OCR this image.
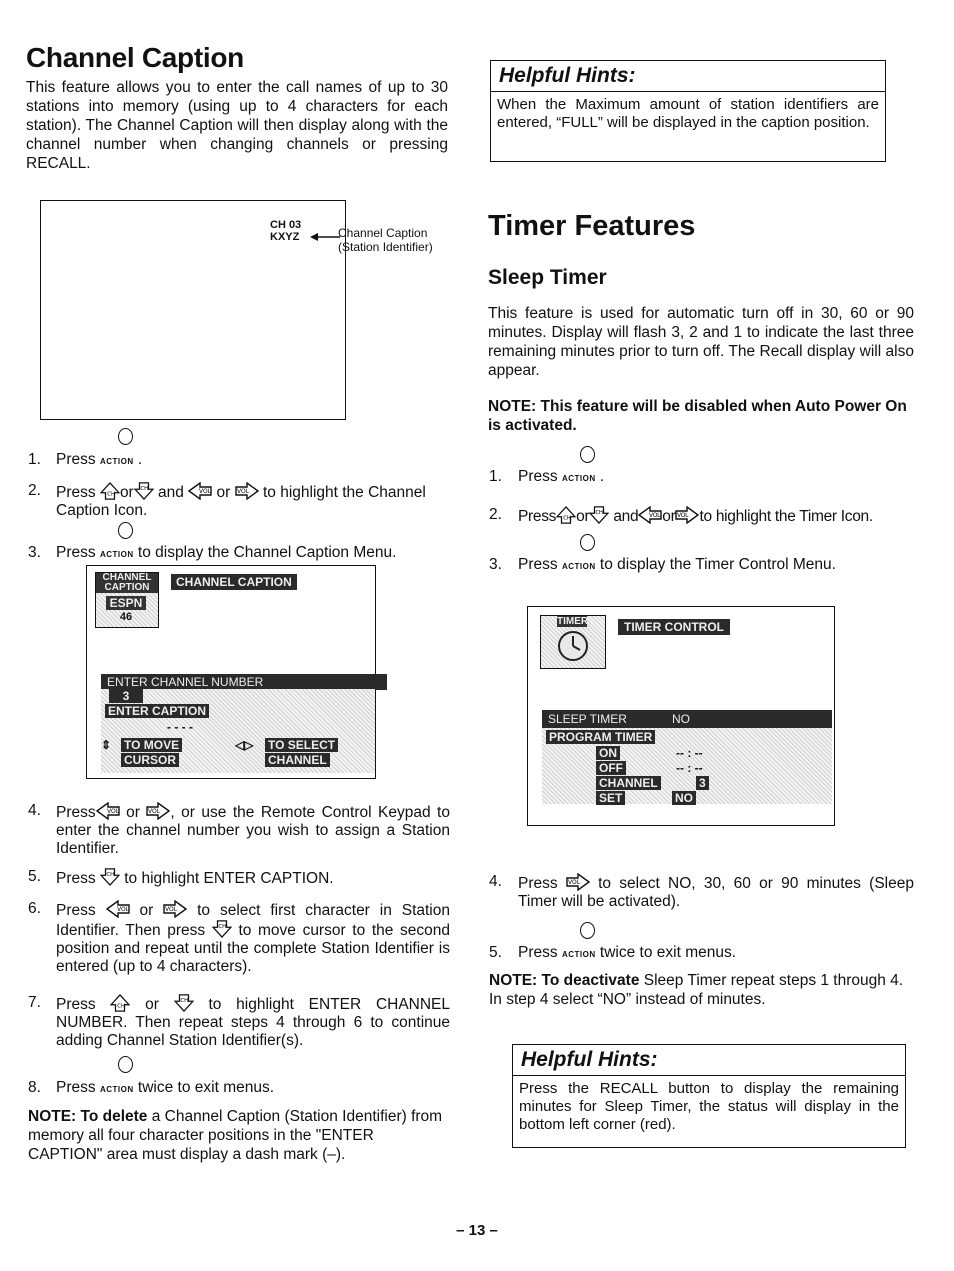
Channel Caption

This feature allows you to enter the call names of up to 30 stations into memory (using up to 4 characters for each station). The Channel Caption will then display along with the channel number when changing channels or pressing RECALL.

CH 03
KXYZ	Channel Caption
(Station Identifier)
1. Press ACTION .
2. Press or and or to highlight the Channel Caption Icon.
3. Press ACTION to display the Channel Caption Menu.
CHANNEL
CAPTION
ESPN
46
CHANNEL CAPTION
ENTER CHANNEL NUMBER
3
ENTER CAPTION
- - - -
⇕ TO MOVE
CURSOR
◁▷ TO SELECT
CHANNEL
4. Press or , or use the Remote Control Keypad to enter the channel number you wish to assign a Station Identifier.
5. Press to highlight ENTER CAPTION.
6. Press	or	to select first character in Station Identifier. Then press to move cursor to the second position and repeat until the complete Station Identifier is entered (up to 4 characters).
7. Press	or	to highlight ENTER CHANNEL NUMBER. Then repeat steps 4 through 6 to continue adding Channel Station Identifier(s).
8. Press ACTION twice to exit menus.
NOTE: To delete a Channel Caption (Station Identifier) from memory all four character positions in the "ENTER CAPTION" area must display a dash mark (–).
Helpful Hints:
When the Maximum amount of station identifiers are entered, “FULL” will be displayed in the caption position.
Timer Features
Sleep Timer

This feature is used for automatic turn off in 30, 60 or 90 minutes. Display will flash 3, 2 and 1 to indicate the last three remaining minutes prior to turn off. The Recall display will also appear.

NOTE: This feature will be disabled when Auto Power On is activated.

1. Press ACTION .
2. Press or and or to highlight the Timer Icon.
3. Press ACTION to display the Timer Control Menu.
TIMER	TIMER CONTROL
SLEEP TIMER	NO
PROGRAM TIMER
ON	-- : --
OFF	-- : --
CHANNEL	3
SET	NO
4. Press	to select NO, 30, 60 or 90 minutes (Sleep Timer will be activated).
5. Press ACTION twice to exit menus.
NOTE: To deactivate Sleep Timer repeat steps 1 through 4. In step 4 select “NO” instead of minutes.
Helpful Hints:
Press the RECALL button to display the remaining minutes for Sleep Timer, the status will display in the bottom left corner (red).
– 13 –
